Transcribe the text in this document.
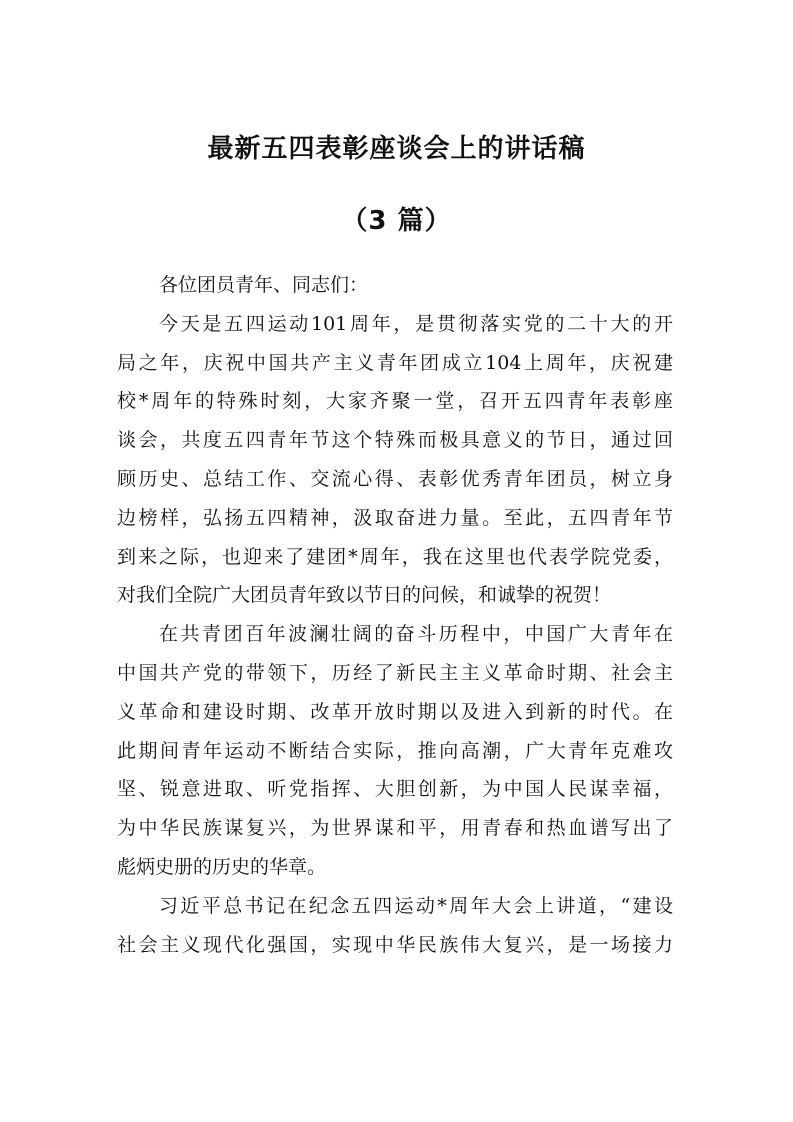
最新五四表彰座谈会上的讲话稿
（3 篇）
各位团员青年、同志们：
今天是五四运动101周年，是贯彻落实党的二十大的开
局之年，庆祝中国共产主义青年团成立104上周年，庆祝建
校*周年的特殊时刻，大家齐聚一堂，召开五四青年表彰座
谈会，共度五四青年节这个特殊而极具意义的节日，通过回
顾历史、总结工作、交流心得、表彰优秀青年团员，树立身
边榜样，弘扬五四精神，汲取奋进力量。至此，五四青年节
到来之际，也迎来了建团*周年，我在这里也代表学院党委，
对我们全院广大团员青年致以节日的问候，和诚挚的祝贺！
在共青团百年波澜壮阔的奋斗历程中，中国广大青年在
中国共产党的带领下，历经了新民主主义革命时期、社会主
义革命和建设时期、改革开放时期以及进入到新的时代。在
此期间青年运动不断结合实际，推向高潮，广大青年克难攻
坚、锐意进取、听党指挥、大胆创新，为中国人民谋幸福，
为中华民族谋复兴，为世界谋和平，用青春和热血谱写出了
彪炳史册的历史的华章。
习近平总书记在纪念五四运动*周年大会上讲道，“建设
社会主义现代化强国，实现中华民族伟大复兴，是一场接力
